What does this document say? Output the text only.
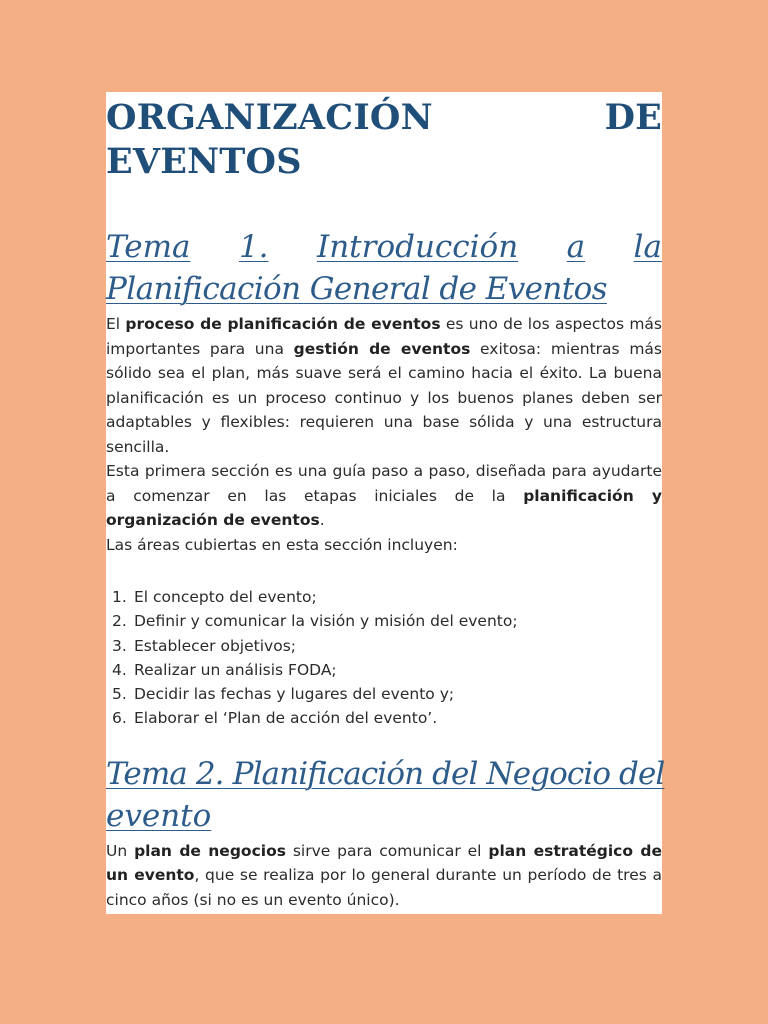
ORGANIZACIÓN	DE
EVENTOS
Tema 1. Introducción a la
Planificación General de Eventos

El proceso de planificación de eventos es uno de los aspectos más importantes para una gestión de eventos exitosa: mientras más sólido sea el plan, más suave será el camino hacia el éxito. La buena planificación es un proceso continuo y los buenos planes deben ser adaptables y flexibles: requieren una base sólida y una estructura sencilla.

Esta primera sección es una guía paso a paso, diseñada para ayudarte a comenzar en las etapas iniciales de la planificación y organización de eventos.

Las áreas cubiertas en esta sección incluyen:

1. El concepto del evento;
2. Definir y comunicar la visión y misión del evento;
3. Establecer objetivos;
4. Realizar un análisis FODA;
5. Decidir las fechas y lugares del evento y;
6. Elaborar el ‘Plan de acción del evento’.
Tema 2. Planificación del Negocio del
evento

Un plan de negocios sirve para comunicar el plan estratégico de un evento, que se realiza por lo general durante un período de tres a cinco años (si no es un evento único).
